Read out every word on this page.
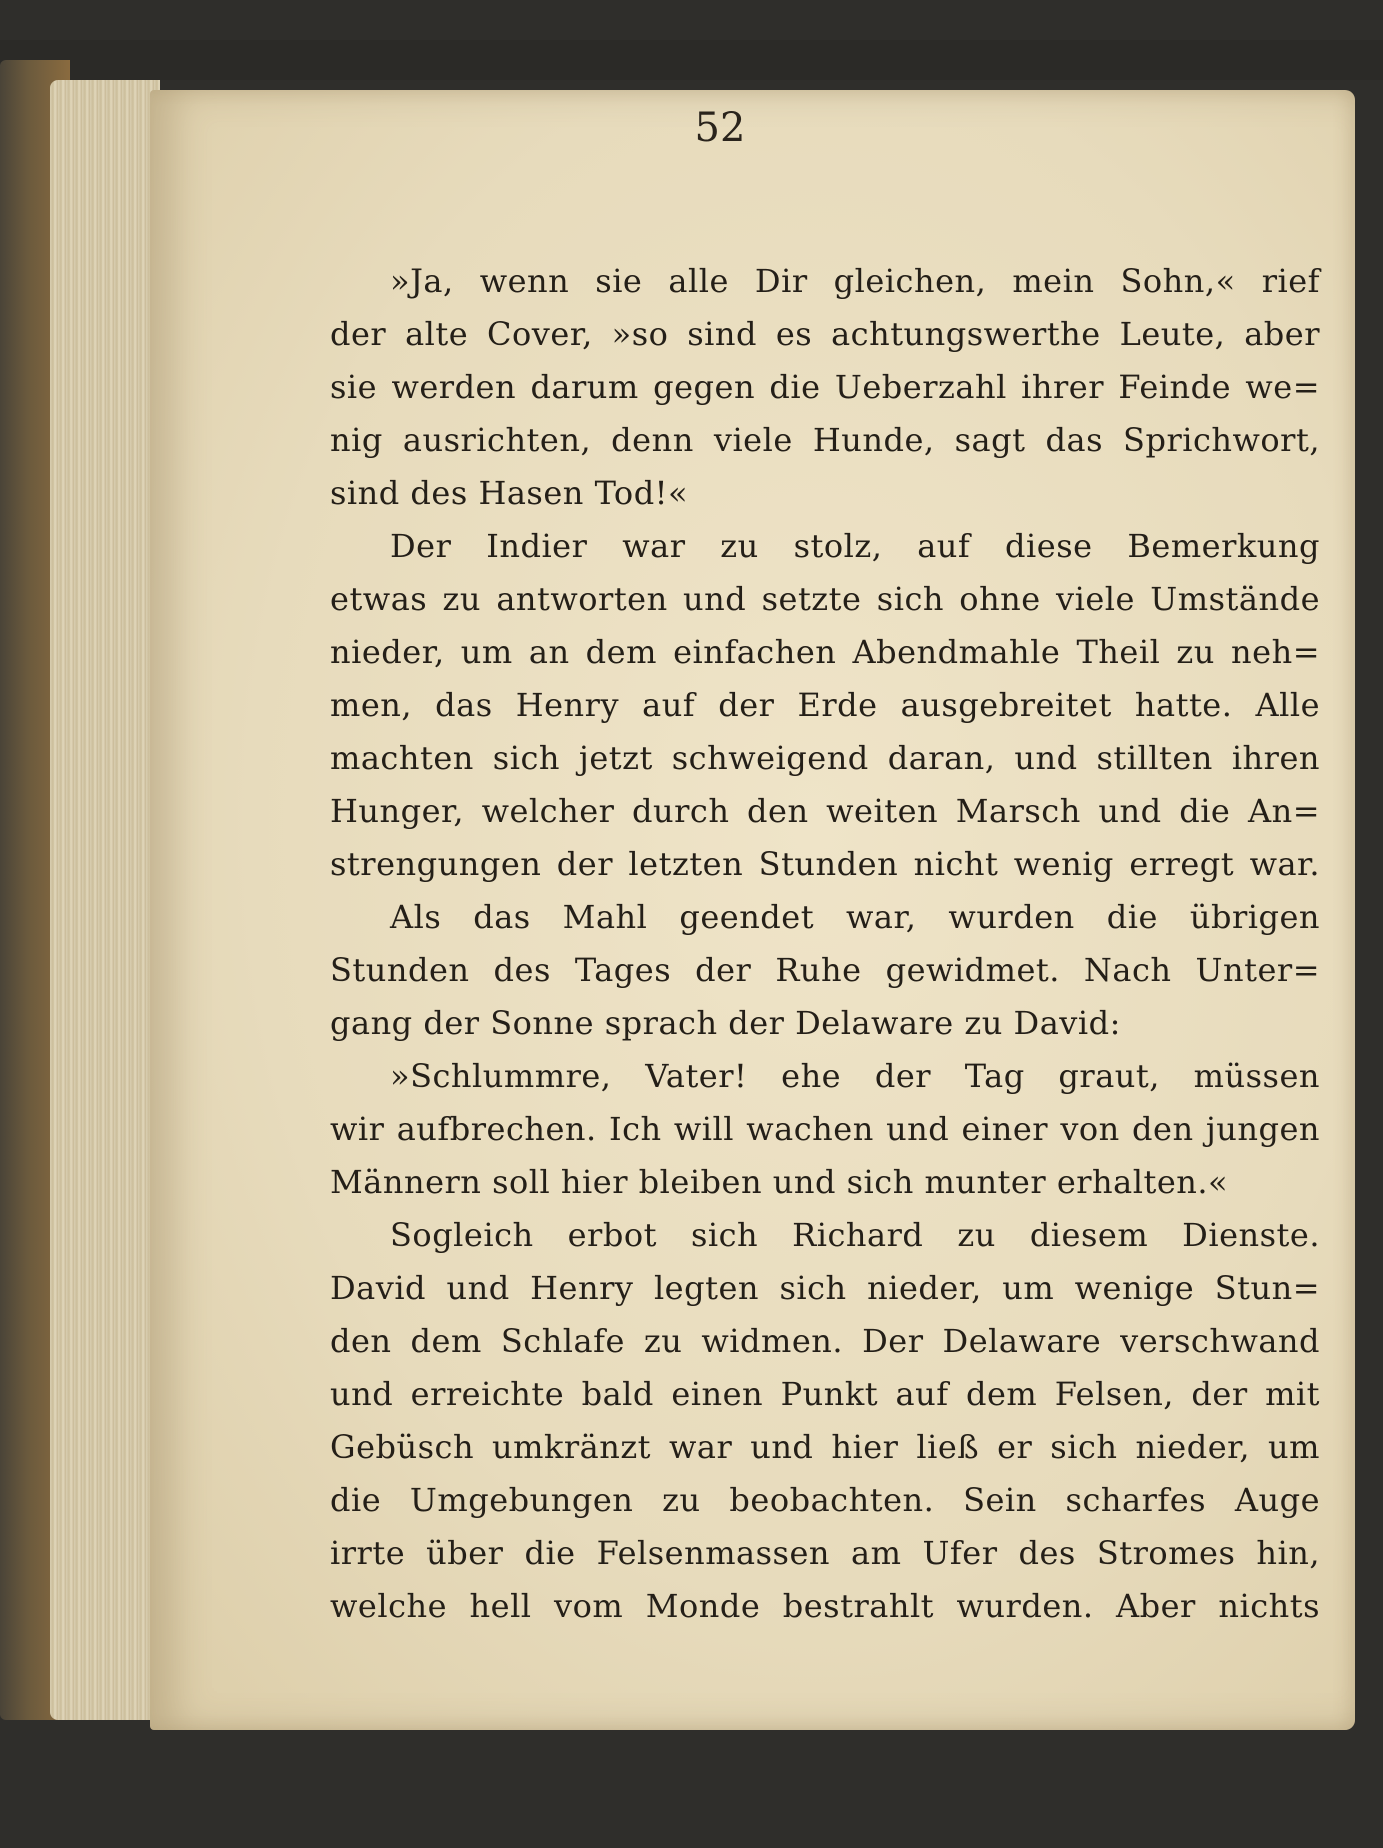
52
»Ja, wenn sie alle Dir gleichen, mein Sohn,« rief
der alte Cover, »so sind es achtungswerthe Leute, aber
sie werden darum gegen die Ueberzahl ihrer Feinde we=
nig ausrichten, denn viele Hunde, sagt das Sprichwort,
sind des Hasen Tod!«
Der Indier war zu stolz, auf diese Bemerkung
etwas zu antworten und setzte sich ohne viele Umstände
nieder, um an dem einfachen Abendmahle Theil zu neh=
men, das Henry auf der Erde ausgebreitet hatte. Alle
machten sich jetzt schweigend daran, und stillten ihren
Hunger, welcher durch den weiten Marsch und die An=
strengungen der letzten Stunden nicht wenig erregt war.
Als das Mahl geendet war, wurden die übrigen
Stunden des Tages der Ruhe gewidmet. Nach Unter=
gang der Sonne sprach der Delaware zu David:
»Schlummre, Vater! ehe der Tag graut, müssen
wir aufbrechen. Ich will wachen und einer von den jungen
Männern soll hier bleiben und sich munter erhalten.«
Sogleich erbot sich Richard zu diesem Dienste.
David und Henry legten sich nieder, um wenige Stun=
den dem Schlafe zu widmen. Der Delaware verschwand
und erreichte bald einen Punkt auf dem Felsen, der mit
Gebüsch umkränzt war und hier ließ er sich nieder, um
die Umgebungen zu beobachten. Sein scharfes Auge
irrte über die Felsenmassen am Ufer des Stromes hin,
welche hell vom Monde bestrahlt wurden. Aber nichts
